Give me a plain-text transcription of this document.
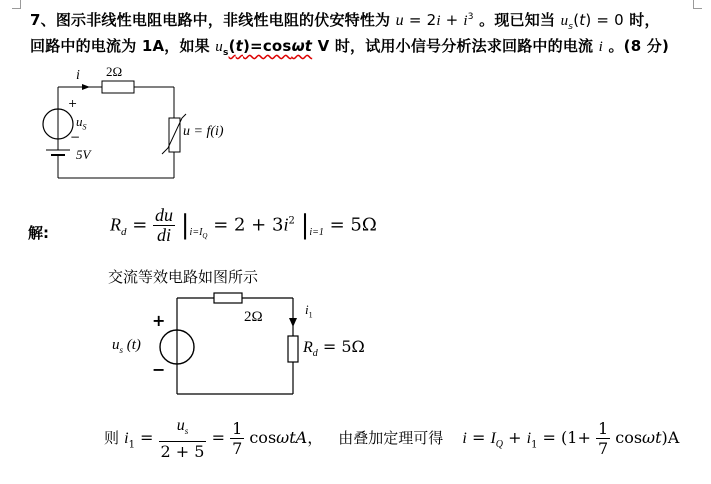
7、图示非线性电阻电路中，非线性电阻的伏安特性为 $u = 2i + i^3$ 。现已知当 $u_s(t) = 0$ 时，
回路中的电流为 1A，如果 $u_s(t)=\cos\omega t$ V 时，试用小信号分析法求回路中的电流 i 。(8 分)
i 2Ω
+
$u_S$
−
5V
u = f(i)
解:	$R_d = \frac{du}{di} |_{i=I_Q} = 2 + 3i^2$ $|_{i=1} = 5\Omega$
交流等效电路如图所示
2Ω	$i_1$
+
$u_s$ (t)
−
$R_d = 5\Omega$
则 $i_1 = \frac{u_s}{2 + 5} = \frac{1}{7}$ cosωtA， 由叠加定理可得 $i = I_Q + i_1 = (1+ \frac{1}{7} \cos\omega t)A$
